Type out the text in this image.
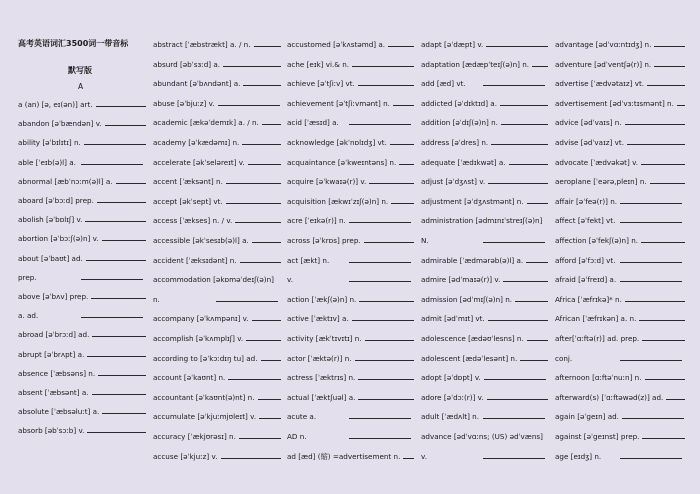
高考英语词汇3500词一带音标
默写版
A
a (an) [ə, eɪ(ən)] art.
abandon [əˈbændən] v.
ability [əˈbɪlɪtɪ] n.
able [ˈeɪb(ə)l] a.
abnormal [æbˈnɔːm(ə)l] a.
aboard [əˈbɔːd] prep.
abolish [əˈbɒlɪʃ] v.
abortion [əˈbɔːʃ(ə)n] v.
about [əˈbaʊt] ad.
prep.
above [əˈbʌv] prep.
a. ad.
abroad [əˈbrɔːd] ad.
abrupt [əˈbrʌpt] a.
absence [ˈæbsəns] n.
absent [ˈæbsənt] a.
absolute [ˈæbsəluːt] a.
absorb [əbˈsɔːb] v.
abstract [ˈæbstrækt] a. / n.
absurd [əbˈsɜːd] a.
abundant [əˈbʌndənt] a.
abuse [əˈbjuːz] v.
academic [ækəˈdemɪk] a. / n.
academy [əˈkædəmɪ] n.
accelerate [əkˈseləreɪt] v.
accent [ˈæksənt] n.
accept [əkˈsept] vt.
access [ˈækses] n. / v.
accessible [əkˈsesɪb(ə)l] a.
accident [ˈæksɪdənt] n.
accommodation [əkɒməˈdeɪʃ(ə)n]
n.
accompany [əˈkʌmpənɪ] v.
accomplish [əˈkʌmplɪʃ] v.
according to [əˈkɔːdɪŋ tu] ad.
account [əˈkaʊnt] n.
accountant [əˈkaʊnt(ə)nt] n.
accumulate [əˈkjuːmjʊleɪt] v.
accuracy [ˈækjʊrəsɪ] n.
accuse [əˈkjuːz] v.
accustomed [əˈkʌstəmd] a.
ache [eɪk] vi.& n.
achieve [əˈtʃiːv] vt.
achievement [əˈtʃiːvmənt] n.
acid [ˈæsɪd] a.
acknowledge [əkˈnɒlɪdʒ] vt.
acquaintance [əˈkweɪntəns] n.
acquire [əˈkwaɪə(r)] v.
acquisition [ækwɪˈzɪʃ(ə)n] n.
acre [ˈeɪkə(r)] n.
across [əˈkrɒs] prep.
act [ækt] n.
v.
action [ˈækʃ(ə)n] n.
active [ˈæktɪv] a.
activity [ækˈtɪvɪtɪ] n.
actor [ˈæktə(r)] n.
actress [ˈæktrɪs] n.
actual [ˈæktʃuəl] a.
acute a.
AD n.
ad [æd] (缩) =advertisement n.
adapt [əˈdæpt] v.
adaptation [ædæpˈteɪʃ(ə)n] n.
add [æd] vt.
addicted [əˈdɪktɪd] a.
addition [əˈdɪʃ(ə)n] n.
address [əˈdres] n.
adequate [ˈædɪkwət] a.
adjust [əˈdʒʌst] v.
adjustment [əˈdʒʌstmənt] n.
administration [ədmɪnɪˈstreɪʃ(ə)n]
N.
admirable [ˈædmərəb(ə)l] a.
admire [ədˈmaɪə(r)] v.
admission [ədˈmɪʃ(ə)n] n.
admit [ədˈmɪt] vt.
adolescence [ædəʊˈlesns] n.
adolescent [ædəˈlesənt] n.
adopt [əˈdɒpt] v.
adore [əˈdɔː(r)] v.
adult [ˈædʌlt] n.
advance [ədˈvɑːns; (US) ədˈvæns]
v.
advantage [ədˈvɑːntɪdʒ] n.
adventure [ədˈventʃə(r)] n.
advertise [ˈædvətaɪz] vt.
advertisement [ədˈvɜːtɪsmənt] n.
advice [ədˈvaɪs] n.
advise [ədˈvaɪz] vt.
advocate [ˈædvəkət] v.
aeroplane [ˈeərə,pleɪn] n.
affair [əˈfeə(r)] n.
affect [əˈfekt] vt.
affection [əˈfekʃ(ə)n] n.
afford [əˈfɔːd] vt.
afraid [əˈfreɪd] a.
Africa [ˈæfrɪkə]* n.
African [ˈæfrɪkən] a. n.
after[ˈɑːftə(r)] ad. prep.
conj.
afternoon [ɑːftəˈnuːn] n.
afterward(s) [ˈɑːftəwəd(z)] ad.
again [əˈgeɪn] ad.
against [əˈgeɪnst] prep.
age [eɪdʒ] n.
